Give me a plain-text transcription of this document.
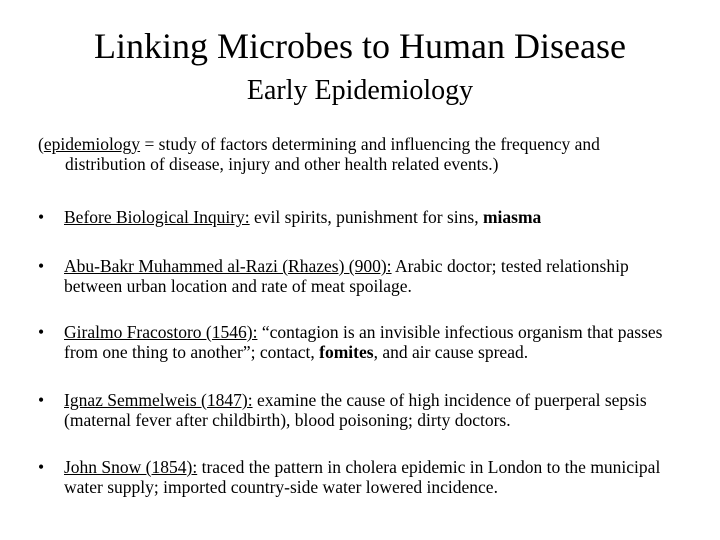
Linking Microbes to Human Disease
Early Epidemiology
(epidemiology = study of factors determining and influencing the frequency and
distribution of disease, injury and other health related events.)
•	Before Biological Inquiry: evil spirits, punishment for sins, miasma
•	Abu-Bakr Muhammed al-Razi (Rhazes) (900): Arabic doctor; tested relationship between urban location and rate of meat spoilage.
•	Giralmo Fracostoro (1546): “contagion is an invisible infectious organism that passes from one thing to another”; contact, fomites, and air cause spread.
•	Ignaz Semmelweis (1847): examine the cause of high incidence of puerperal sepsis (maternal fever after childbirth), blood poisoning; dirty doctors.
•	John Snow (1854): traced the pattern in cholera epidemic in London to the municipal water supply; imported country-side water lowered incidence.
